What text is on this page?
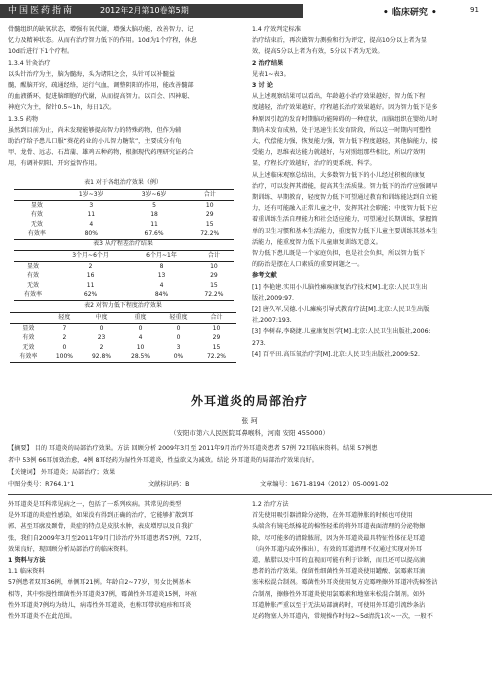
中国医药指南	2012年2月第10卷第5期	• 临床研究 •	91

骨髓组织的缺氧状态，增强有氧代谢，增强大脑功能，改善智力、记

忆力及精神状态。从而有治疗智力低下的作用。10d为1个疗程，休息

10d后进行下1个疗程。

1.3.4 针灸治疗

以头针治疗为主，脑为髓海，头为诸阳之会，头针可以补髓益

髓，醒脑开窍，疏通经络，运行气血，调整阴阳的作用，能改善髓部

的血液循环，促进脑细胞的代谢，从而提高智力。以百会、四神聪、

神庭穴为主，留针0.5~1h，每日1次。

1.3.5 药物

虽然到目前为止，尚未发现能够提高智力的特殊药物，但作为辅

助治疗给予患儿口服“葵花药业的小儿智力糖浆”，主要成分有龟

甲、龙骨、远志、石菖蒲、雄鸡五种药物，根据现代药理研究证药合

用，有调补阴阳、开窍益智作用。

表1 对于各组治疗效果（例）
	1岁~3岁	3岁~6岁	合计
显效	3	5	10
有效	11	18	29
无效	4	11	15
有效率	80%	67.6%	72.2%
表3 从疗程差治疗结果
	3个月~6个月	6个月~1年	合计
显效	2	8	10
有效	16	13	29
无效	11	4	15
有效率	62%	84%	72.2%
表2 对智力低下程度治疗效果
	轻度	中度	重度	轻重度	合计
显效	7	0	0	0	10
有效	2	23	4	0	29
无效	0	2	10	3	15
有效率	100%	92.8%	28.5%	0%	72.2%

1.4 疗效判定标准

治疗结束后，再次做智力测验和行为评定，提高10分以上者为显

效，提高5分以上者为有效，5分以下者为无效。

2 治疗结果

见表1~表3。

3 讨 论

从上述观察结果可以看出，年龄越小治疗效果越好，智力低下程

度越轻，治疗效果越好，疗程越长治疗效果越好。因为智力低下是多

种原因引起的发育时期脑功能障碍的一种症状，而脑组织在婴幼儿时

期尚未发育成熟，处于迅速生长发育阶段，所以这一时期内可塑性

大，代偿能力强，恢复能力强，智力低下程度越轻，其他脑能力，接

受能力，思维表达能力就越好，与对照组那些相比，所以疗效明

显，疗程长疗效越好，治疗的更系统、科学。

从上述临床观察总结出，大多数智力低下的小儿经过积极的康复

治疗，可以发挥其潜能，提高其生活质量。智力低下的治疗应强调早

期训练、早期教育，轻度智力低下可望通过教育和训练能达到自立能

力，还有可能融入正常儿童之中，发挥其社会职能；中度智力低下应

着重训练生活自理能力和社会适应能力，可望通过长期训练，掌握简

单的卫生习惯和基本生活能力，重度智力低下儿童主要训练其基本生

活能力，能重度智力低下儿童康复训练无意义。

智力低下患儿既是一个家庭负担，也是社会负担，所以智力低下

的防治是摆在人口素质的重要问题之一。

参考文献

[1] 李艳建.实用小儿脑性瘫痪康复治疗技术[M].北京:人民卫生出

版社,2009:97.

[2] 唐久军,吴德.小儿瘫痪引导式教育疗法[M].北京:人民卫生出版

社,2007:193.

[3] 李树春,李晓捷.儿童康复医学[M].北京:人民卫生出版社,2006:

273.

[4] 百平田.高压氧治疗学[M].北京:人民卫生出版社,2009:52.

外耳道炎的局部治疗
张 珂
（安阳市第六人民医院耳鼻喉科，河南 安阳 455000）
【摘要】 目的 耳道炎的局部治疗效果。方法 回顾分析 2009年3月至 2011年9月治疗外耳道炎患者 57例 72耳临床资料。结果 57例患
者中 53例 66耳加效治愈，4例 8耳经药为湿性外耳道炎，性益欲义为减效。结论 外耳道炎的局部治疗效果良好。
【关键词】 外耳道炎；局部治疗；效果
中图分类号：R764.1⁺1	文献标识码：B	文章编号：1671-8194（2012）05-0091-02

外耳道炎是耳科常见病之一，包括了一系列疾病。其常见的类型

是外耳道的炎症性感染，如果没有得到正确的治疗，它能够扩散到耳

郭、甚至耳廓及颞骨，炎症的特点是皮肤水肿，表皮增厚以及自我扩

张，我们自2009年3月至2011年9月门诊治疗外耳道患者57例，72耳，

效果良好，现回顾分析局部治疗的临床资料。

1 资料与方法

1.1 临床资料

57例患者双耳36例，单侧耳21例。年龄自2~77岁，男女比例基本

相等，其中弥漫性细菌性外耳道炎37例，霉菌性外耳道炎15例，坏疽

性外耳道炎7例均为幼儿，病毒性外耳道炎，也称耳带状疱疹和耳炎

性外耳道炎不在此范围。

1.2 治疗方法

首先使用吸引器清除分泌物，在外耳道肿胀的时候也可使用

头端含有镜毛纸棉花的棉签轻柔的将外耳道表面清理的分泌物擦

除，尽可能多的清除脓屑，因为外耳道炎最具特征性体征是耳道

（向外耳道内或外推出），有效的耳道清理不仅通过实现对外耳

道，脓腊以及中耳的直视而可能有利于诊断，而且还可以提高滴

患者的治疗效果。保留性细菌性外耳道炎使用罐酸、氯霉素耳滴

塞米松混合制剂。霉菌性外耳炎使用复方克霉唑擦外耳道冲洗棉签沾

合制剂，擦修性外耳道炎使用氯霉素和地塞米松混合制剂。如外

耳道肿胀严重以至于无法局部滴药时，可使用外耳道引流纱条沾

足药物塞人外耳道内，常规操作时每2~5d清洗1次~一次，一般不
